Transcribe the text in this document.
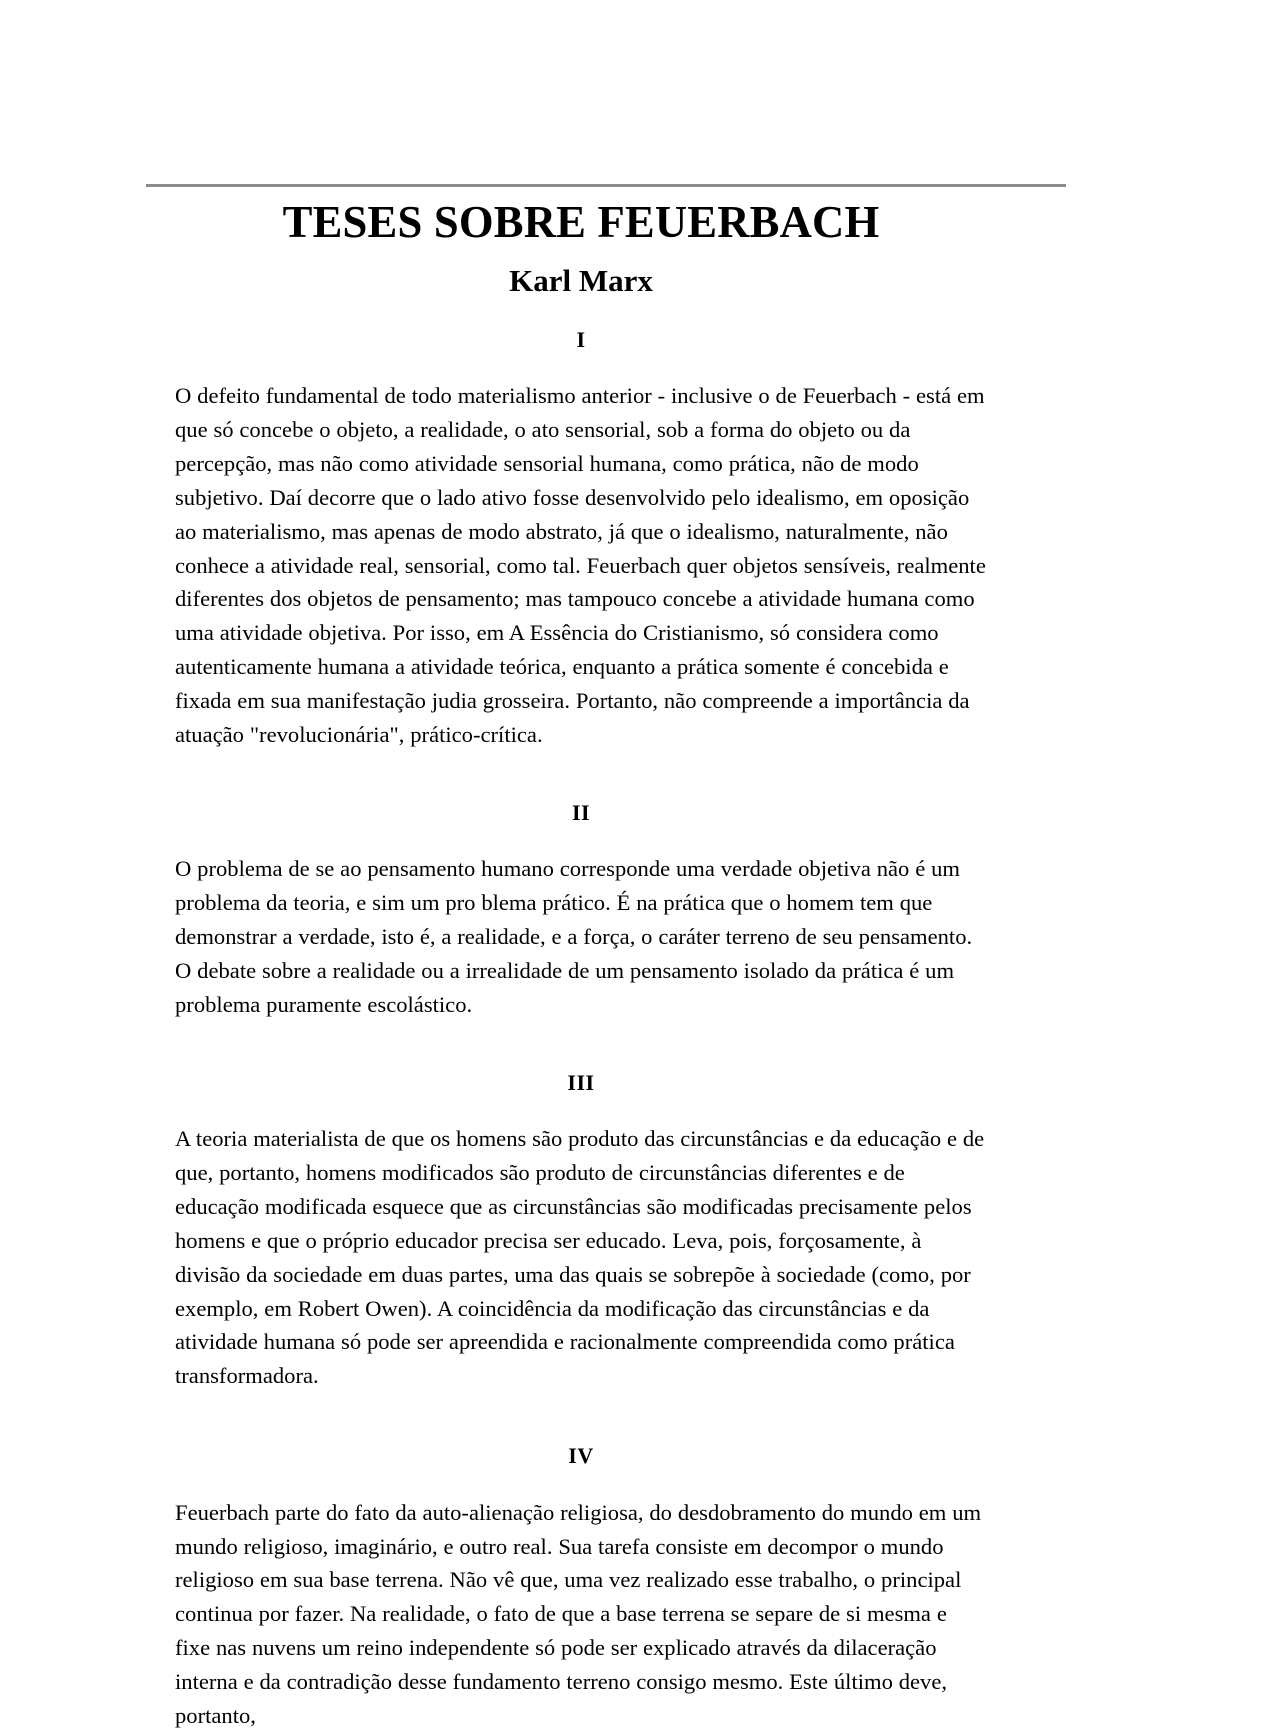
TESES SOBRE FEUERBACH
Karl Marx
I

O defeito fundamental de todo materialismo anterior - inclusive o de Feuerbach - está em que só concebe o objeto, a realidade, o ato sensorial, sob a forma do objeto ou da percepção, mas não como atividade sensorial humana, como prática, não de modo subjetivo. Daí decorre que o lado ativo fosse desenvolvido pelo idealismo, em oposição ao materialismo, mas apenas de modo abstrato, já que o idealismo, naturalmente, não conhece a atividade real, sensorial, como tal. Feuerbach quer objetos sensíveis, realmente diferentes dos objetos de pensamento; mas tampouco concebe a atividade humana como uma atividade objetiva. Por isso, em A Essência do Cristianismo, só considera como autenticamente humana a atividade teórica, enquanto a prática somente é concebida e fixada em sua manifestação judia grosseira. Portanto, não compreende a importância da atuação "revolucionária", prático-crítica.

II

O problema de se ao pensamento humano corresponde uma verdade objetiva não é um problema da teoria, e sim um pro blema prático. É na prática que o homem tem que demonstrar a verdade, isto é, a realidade, e a força, o caráter terreno de seu pensamento. O debate sobre a realidade ou a irrealidade de um pensamento isolado da prática é um problema puramente escolástico.

III

A teoria materialista de que os homens são produto das circunstâncias e da educação e de que, portanto, homens modificados são produto de circunstâncias diferentes e de educação modificada esquece que as circunstâncias são modificadas precisamente pelos homens e que o próprio educador precisa ser educado. Leva, pois, forçosamente, à divisão da sociedade em duas partes, uma das quais se sobrepõe à sociedade (como, por exemplo, em Robert Owen). A coincidência da modificação das circunstâncias e da atividade humana só pode ser apreendida e racionalmente compreendida como prática transformadora.

IV

Feuerbach parte do fato da auto-alienação religiosa, do desdobramento do mundo em um mundo religioso, imaginário, e outro real. Sua tarefa consiste em decompor o mundo religioso em sua base terrena. Não vê que, uma vez realizado esse trabalho, o principal continua por fazer. Na realidade, o fato de que a base terrena se separe de si mesma e fixe nas nuvens um reino independente só pode ser explicado através da dilaceração interna e da contradição desse fundamento terreno consigo mesmo. Este último deve, portanto,
